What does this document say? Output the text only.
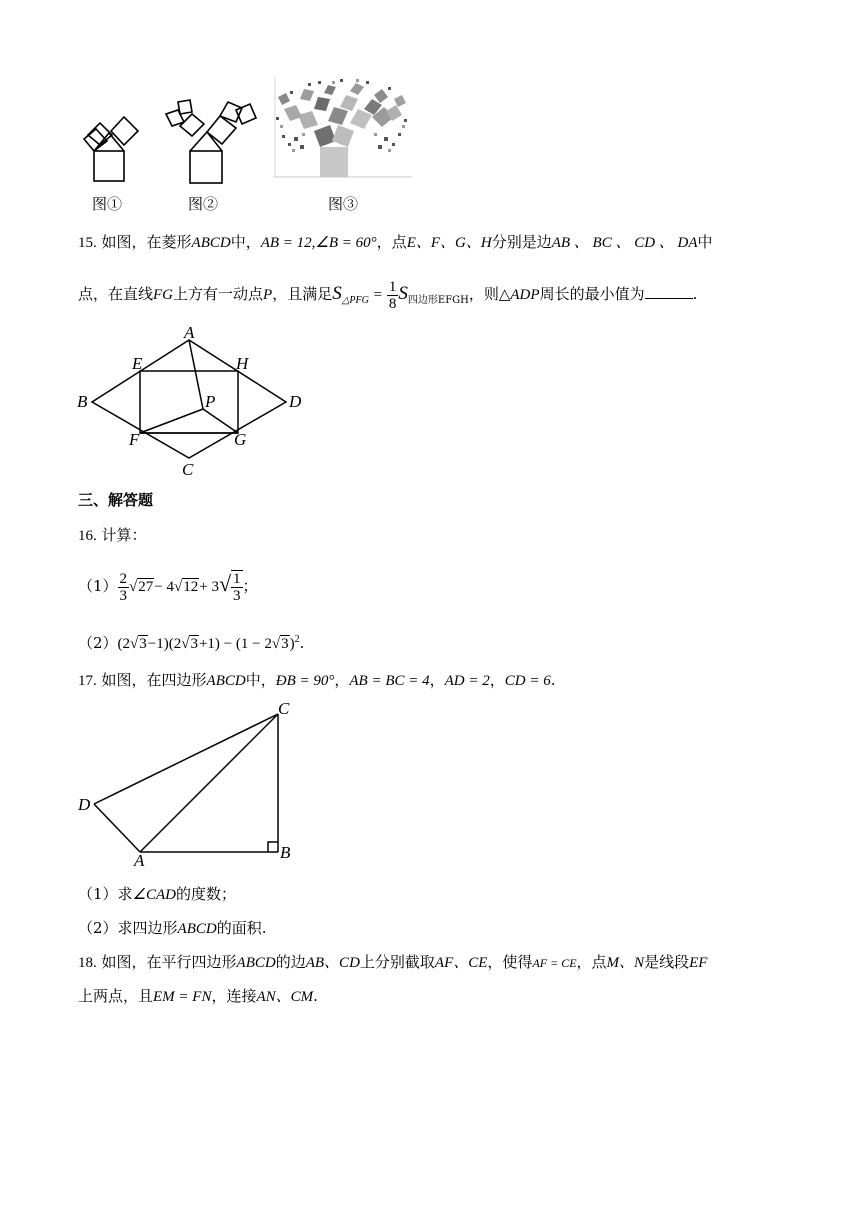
图①	图②	图③
15. 如图，在菱形ABCD中，AB = 12,∠B = 60°，点E、F、G、H分别是边AB 、 BC 、 CD 、 DA中
点，在直线FG上方有一动点P，且满足$S_{\triangle PFG} = \frac{1}{8} S_{四边形EFGH}$，则△ADP周长的最小值为	.
A
E	H
B	P	D
F	G
C
三、解答题
16. 计算：
$(1) \frac{2}{3} √27- 4√12+ 3√ \frac{1}{3}$ ；
$(2)(2√3-1)(2√3+1) - (1 - 2√3)^2$.
17. 如图，在四边形ABCD中，ÐB = 90°，AB = BC = 4，AD = 2，CD = 6.
C
D
A	B
（1）求∠CAD的度数；
（2）求四边形ABCD的面积.
18. 如图，在平行四边形ABCD的边AB、CD上分别截取AF、CE，使得AF = CE，点M、N是线段EF
上两点，且EM = FN，连接AN、CM.
